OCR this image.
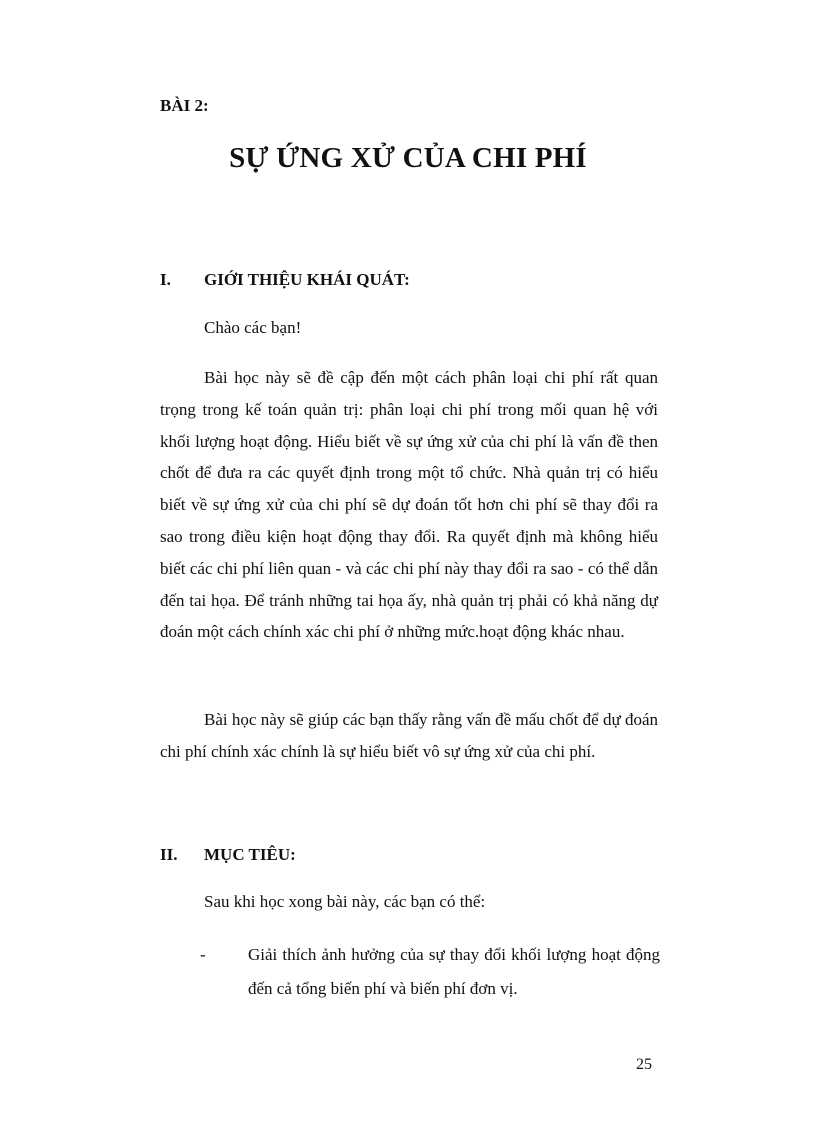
BÀI 2:

SỰ ỨNG XỬ CỦA CHI PHÍ
I.	GIỚI THIỆU KHÁI QUÁT:

Chào các bạn!

Bài học này sẽ đề cập đến một cách phân loại chi phí rất quan trọng trong kế toán quản trị: phân loại chi phí trong mối quan hệ với khối lượng hoạt động. Hiểu biết về sự ứng xử của chi phí là vấn đề then chốt để đưa ra các quyết định trong một tổ chức. Nhà quản trị có hiểu biết về sự ứng xử của chi phí sẽ dự đoán tốt hơn chi phí sẽ thay đổi ra sao trong điều kiện hoạt động thay đổi. Ra quyết định mà không hiểu biết các chi phí liên quan - và các chi phí này thay đổi ra sao - có thể dẫn đến tai họa. Để tránh những tai họa ấy, nhà quản trị phải có khả năng dự đoán một cách chính xác chi phí ở những mức.hoạt động khác nhau.

Bài học này sẽ giúp các bạn thấy rằng vấn đề mấu chốt để dự đoán chi phí chính xác chính là sự hiểu biết vô sự ứng xử của chi phí.

II.	MỤC TIÊU:

Sau khi học xong bài này, các bạn có thể:

-	Giải thích ảnh hưởng của sự thay đổi khối lượng hoạt động đến cả tổng biến phí và biến phí đơn vị.

25
